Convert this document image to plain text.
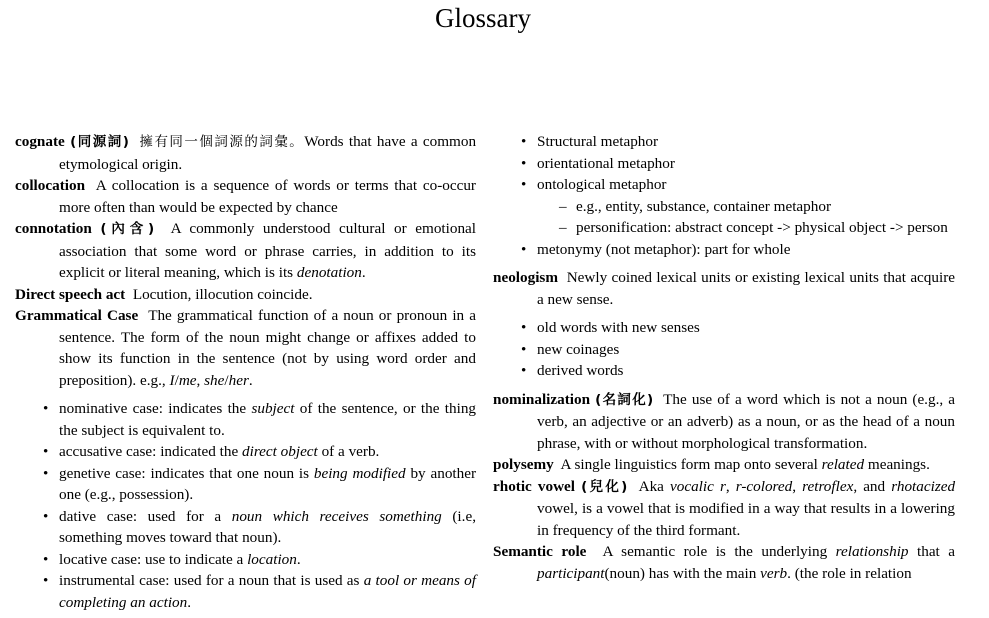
Glossary

cognate (同源詞) 擁有同一個詞源的詞彙。Words that have a common etymological origin.

collocation A collocation is a sequence of words or terms that co-occur more often than would be expected by chance

connotation (內含) A commonly understood cultural or emotional association that some word or phrase carries, in addition to its explicit or literal meaning, which is its denotation.

Direct speech act Locution, illocution coincide.

Grammatical Case The grammatical function of a noun or pronoun in a sentence. The form of the noun might change or affixes added to show its function in the sentence (not by using word order and preposition). e.g., I/me, she/her.

• nominative case: indicates the subject of the sentence, or the thing the subject is equivalent to.
• accusative case: indicated the direct object of a verb.
• genetive case: indicates that one noun is being modified by another one (e.g., possession).
• dative case: used for a noun which receives something (i.e, something moves toward that noun).
• locative case: use to indicate a location.
• instrumental case: used for a noun that is used as a tool or means of completing an action.
• Structural metaphor
• orientational metaphor
• ontological metaphor
– e.g., entity, substance, container metaphor
– personification: abstract concept -> physical object -> person
• metonymy (not metaphor): part for whole

neologism Newly coined lexical units or existing lexical units that acquire a new sense.

• old words with new senses
• new coinages
• derived words

nominalization (名詞化) The use of a word which is not a noun (e.g., a verb, an adjective or an adverb) as a noun, or as the head of a noun phrase, with or without morphological transformation.

polysemy A single linguistics form map onto several related meanings.

rhotic vowel (兒化) Aka vocalic r, r-colored, retroflex, and rhotacized vowel, is a vowel that is modified in a way that results in a lowering in frequency of the third formant.

Semantic role A semantic role is the underlying relationship that a participant(noun) has with the main verb. (the role in relation
